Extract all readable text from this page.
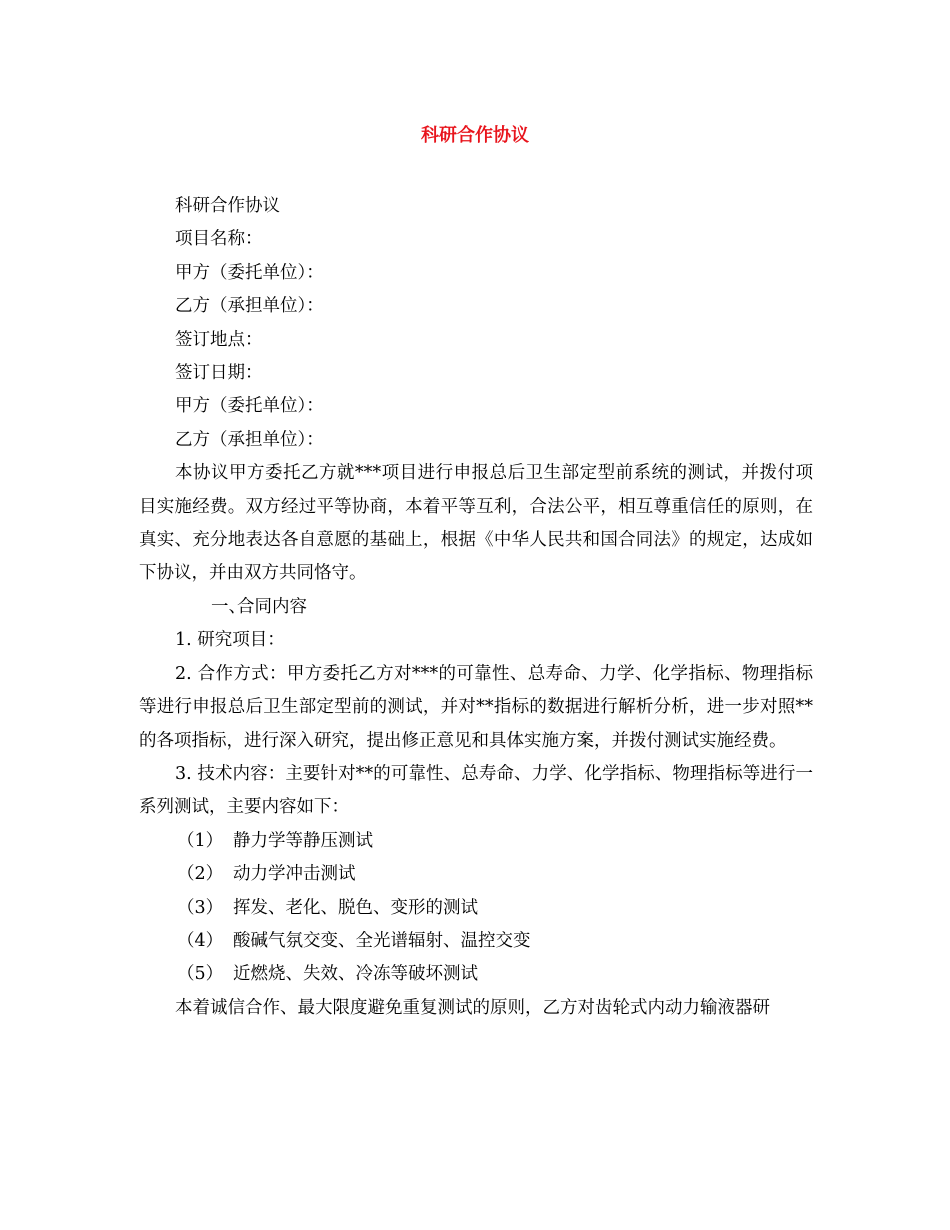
科研合作协议

科研合作协议

项目名称：

甲方（委托单位）：

乙方（承担单位）：

签订地点：

签订日期：

甲方（委托单位）：

乙方（承担单位）：

本协议甲方委托乙方就***项目进行申报总后卫生部定型前系统的测试，并拨付项目实施经费。双方经过平等协商，本着平等互利，合法公平，相互尊重信任的原则，在真实、充分地表达各自意愿的基础上，根据《中华人民共和国合同法》的规定，达成如下协议，并由双方共同恪守。

一、合同内容

1. 研究项目：

2. 合作方式：甲方委托乙方对***的可靠性、总寿命、力学、化学指标、物理指标等进行申报总后卫生部定型前的测试，并对**指标的数据进行解析分析，进一步对照**的各项指标，进行深入研究，提出修正意见和具体实施方案，并拨付测试实施经费。

3. 技术内容：主要针对**的可靠性、总寿命、力学、化学指标、物理指标等进行一系列测试，主要内容如下：

（1） 静力学等静压测试

（2） 动力学冲击测试

（3） 挥发、老化、脱色、变形的测试

（4） 酸碱气氛交变、全光谱辐射、温控交变

（5） 近燃烧、失效、冷冻等破坏测试

本着诚信合作、最大限度避免重复测试的原则，乙方对齿轮式内动力输液器研
